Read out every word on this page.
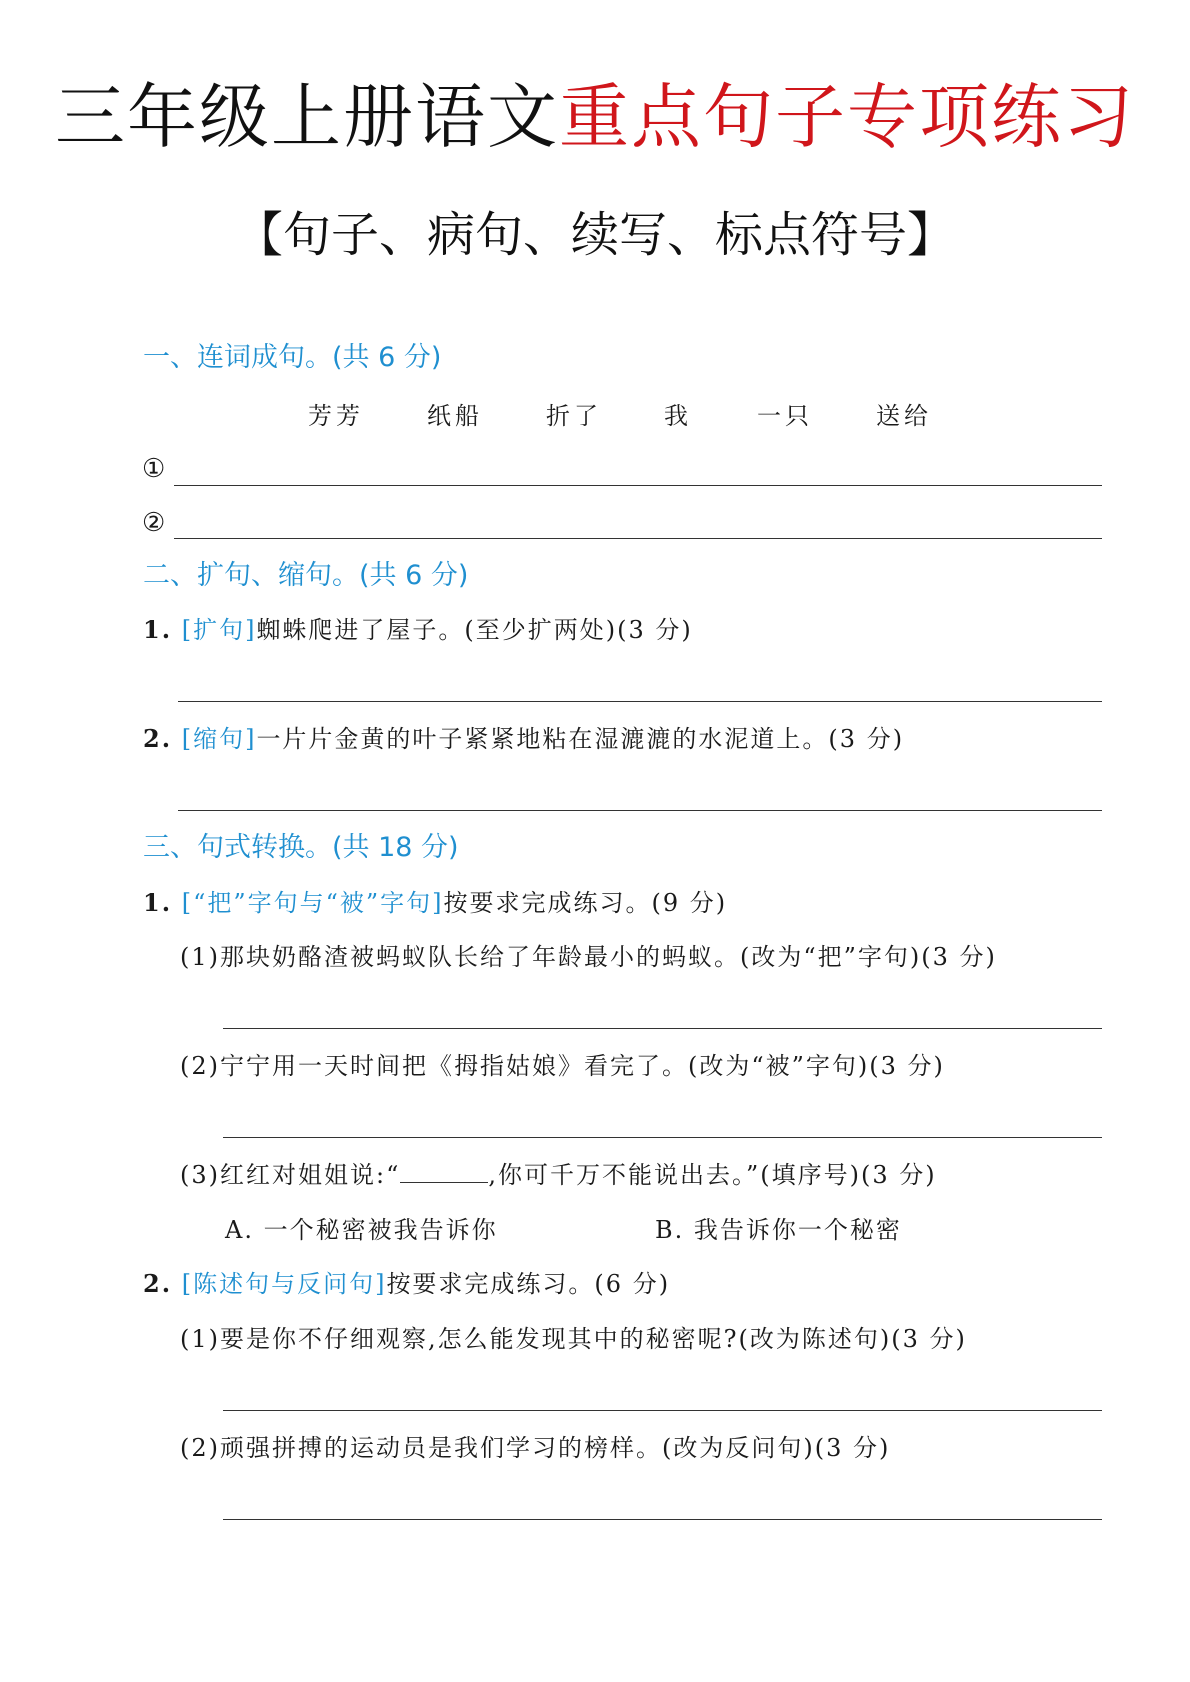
三年级上册语文重点句子专项练习
【句子、病句、续写、标点符号】
一、连词成句。(共 6 分)
芳芳	纸船	折了	我	一只	送给
①
②
二、扩句、缩句。(共 6 分)
1. [扩句]蜘蛛爬进了屋子。(至少扩两处)(3 分)
2. [缩句]一片片金黄的叶子紧紧地粘在湿漉漉的水泥道上。(3 分)
三、句式转换。(共 18 分)
1. [“把”字句与“被”字句]按要求完成练习。(9 分)
(1)那块奶酪渣被蚂蚁队长给了年龄最小的蚂蚁。(改为“把”字句)(3 分)
(2)宁宁用一天时间把《拇指姑娘》看完了。(改为“被”字句)(3 分)
(3)红红对姐姐说:“	,你可千万不能说出去。”(填序号)(3 分)
A. 一个秘密被我告诉你	B. 我告诉你一个秘密
2. [陈述句与反问句]按要求完成练习。(6 分)
(1)要是你不仔细观察,怎么能发现其中的秘密呢?(改为陈述句)(3 分)
(2)顽强拼搏的运动员是我们学习的榜样。(改为反问句)(3 分)
